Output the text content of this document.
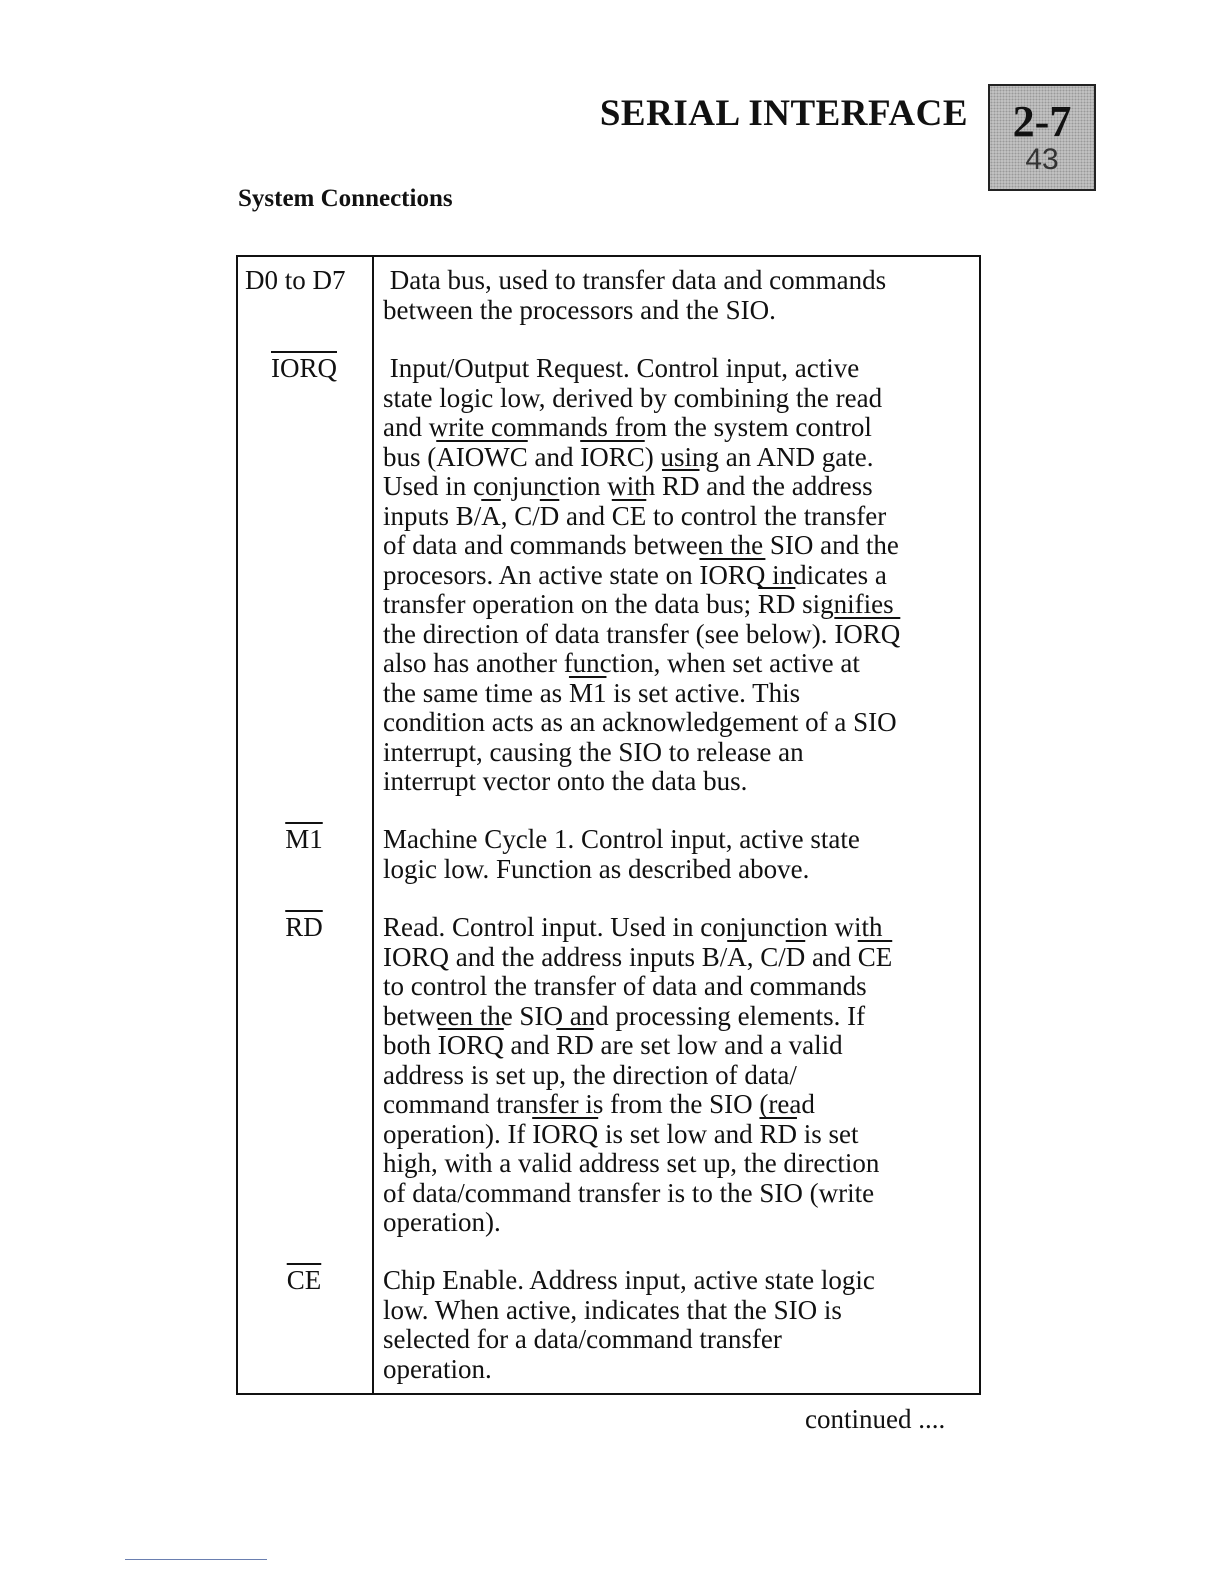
SERIAL INTERFACE	2-7
43
System Connections
D0 to D7	Data bus, used to transfer data and commands
between the processors and the SIO.
IORQ	Input/Output Request. Control input, active
state logic low, derived by combining the read
and write commands from the system control
bus (AIOWC and IORC) using an AND gate.
Used in conjunction with $\overline{RD}$ and the address
inputs $B/\overline{A}$, $C/\overline{D}$ and $\overline{CE}$ to control the transfer
of data and commands between the SIO and the
procesors. An active state on IORQ indicates a
transfer operation on the data bus; $\overline{RD}$ signifies
the direction of data transfer (see below). IORQ
also has another function, when set active at
the same time as M1 is set active. This
condition acts as an acknowledgement of a SIO
interrupt, causing the SIO to release an
interrupt vector onto the data bus.
M1	Machine Cycle 1. Control input, active state
logic low. Function as described above.
$\overline{RD}$	Read. Control input. Used in conjunction with
IORQ and the address inputs $B/\overline{A}$, $C/\overline{D}$ and $\overline{CE}$
to control the transfer of data and commands
between the SIO and processing elements. If
both IORQ and $\overline{RD}$ are set low and a valid
address is set up, the direction of data/
command transfer is from the SIO (read
operation). If IORQ is set low and $\overline{RD}$ is set
high, with a valid address set up, the direction
of data/command transfer is to the SIO (write
operation).
$\overline{CE}$	Chip Enable. Address input, active state logic
low. When active, indicates that the SIO is
selected for a data/command transfer
operation.
continued ....
